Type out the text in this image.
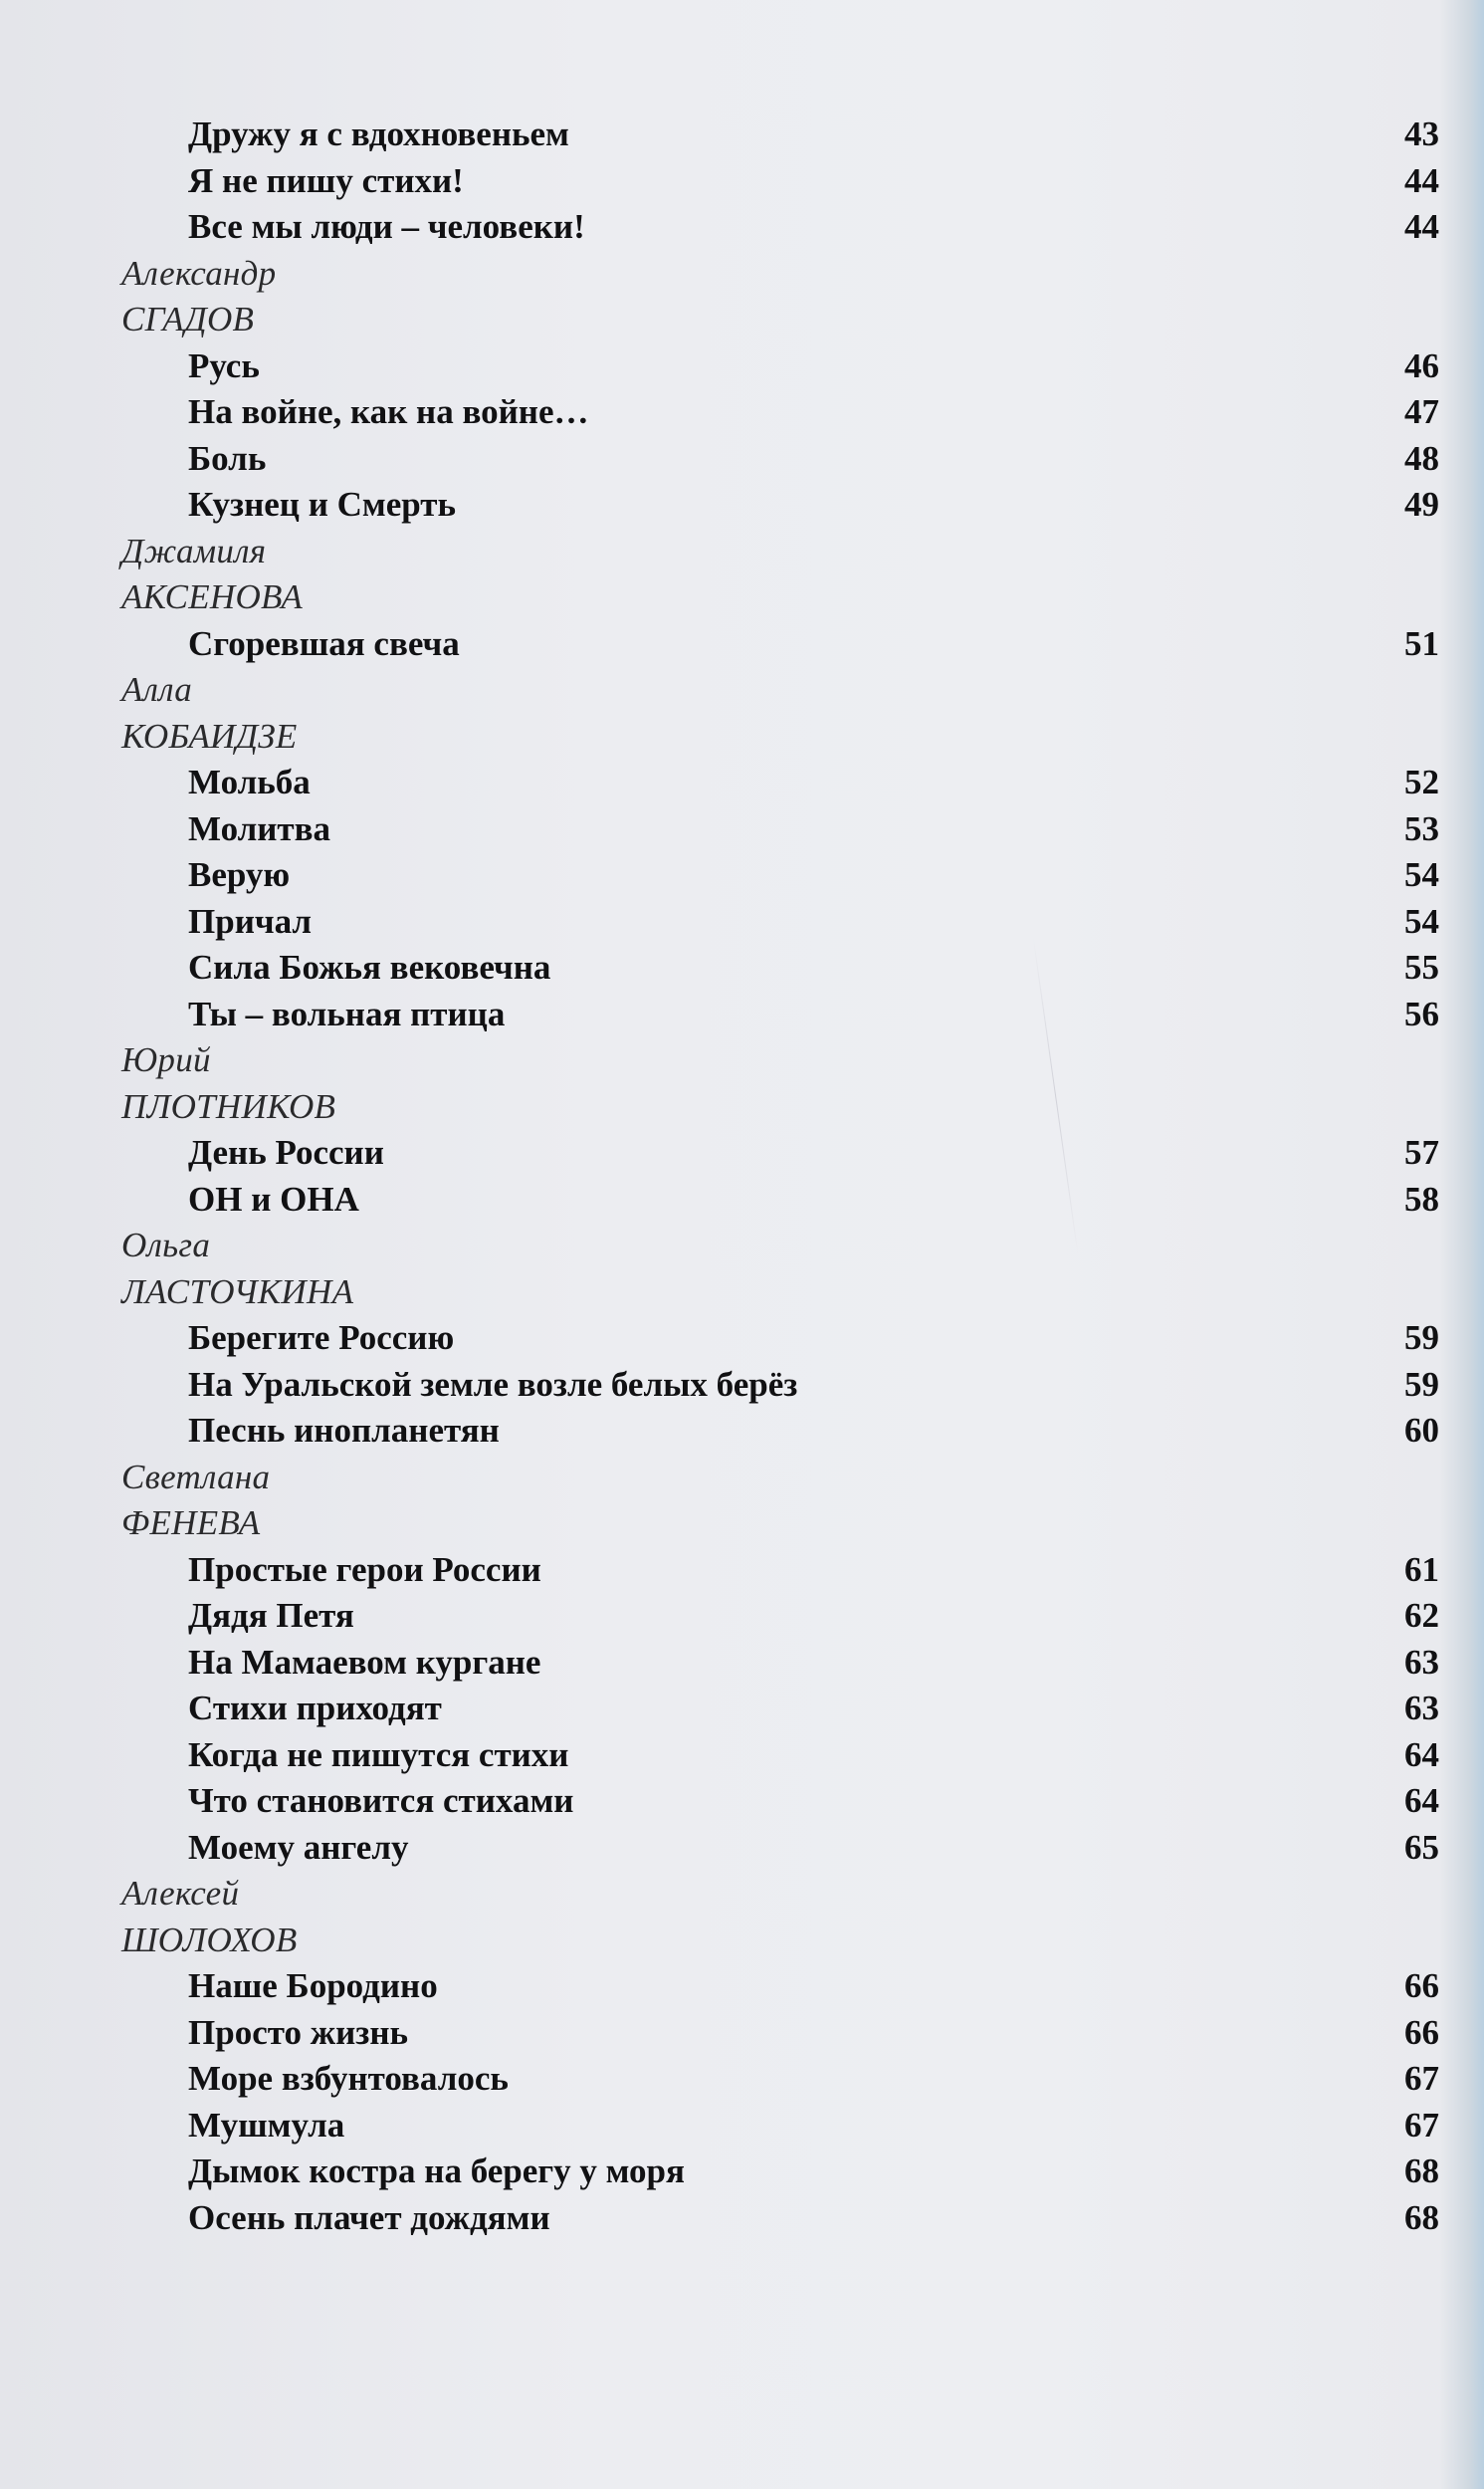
Дружу я с вдохновеньем	43
Я не пишу стихи!	44
Все мы люди – человеки!	44
Александр
СГАДОВ
Русь	46
На войне, как на войне…	47
Боль	48
Кузнец и Смерть	49
Джамиля
АКСЕНОВА
Сгоревшая свеча	51
Алла
КОБАИДЗЕ
Мольба	52
Молитва	53
Верую	54
Причал	54
Сила Божья вековечна	55
Ты – вольная птица	56
Юрий
ПЛОТНИКОВ
День России	57
ОН и ОНА	58
Ольга
ЛАСТОЧКИНА
Берегите Россию	59
На Уральской земле возле белых берёз	59
Песнь инопланетян	60
Светлана
ФЕНЕВА
Простые герои России	61
Дядя Петя	62
На Мамаевом кургане	63
Стихи приходят	63
Когда не пишутся стихи	64
Что становится стихами	64
Моему ангелу	65
Алексей
ШОЛОХОВ
Наше Бородино	66
Просто жизнь	66
Море взбунтовалось	67
Мушмула	67
Дымок костра на берегу у моря	68
Осень плачет дождями	68
